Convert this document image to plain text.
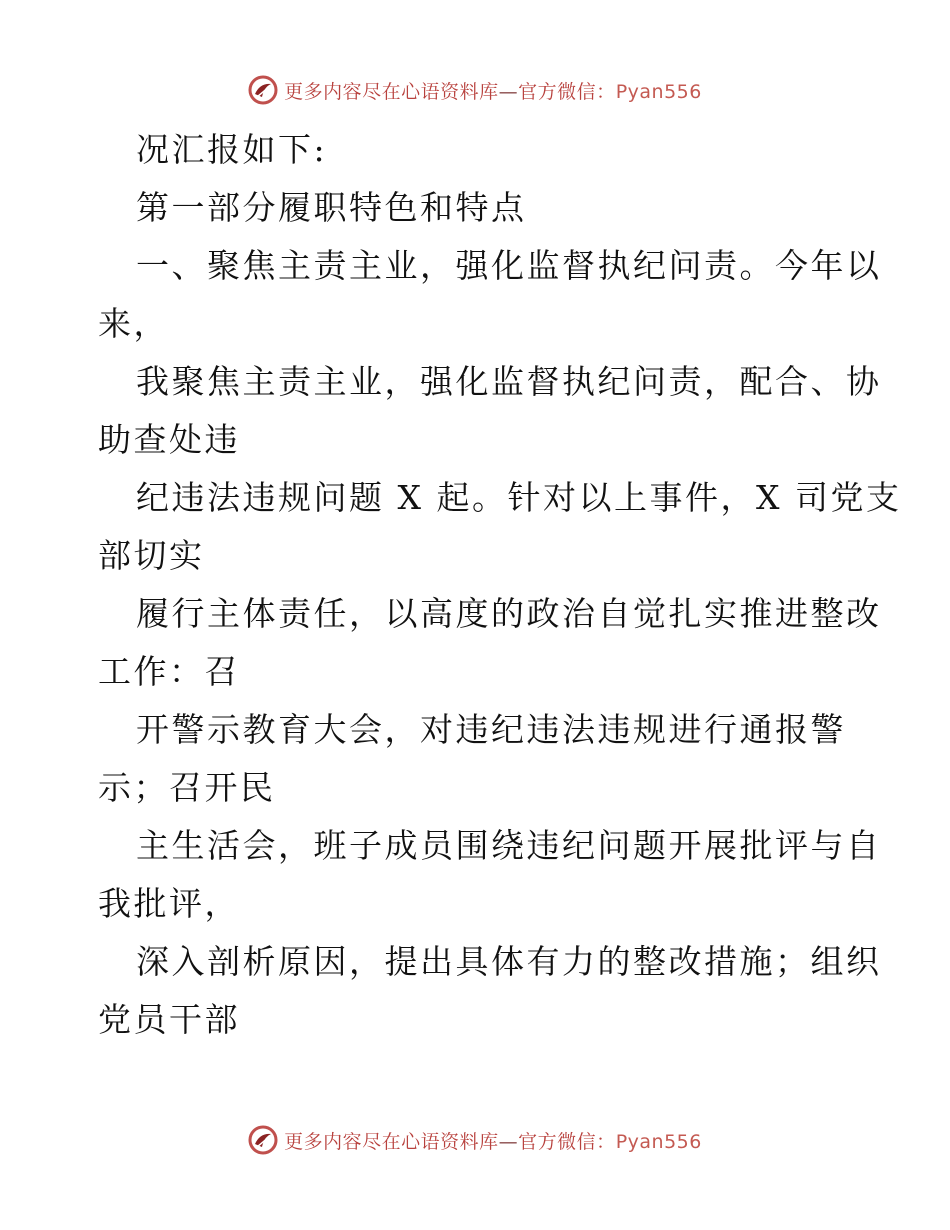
更多内容尽在心语资料库—官方微信：Pyan556
况汇报如下:
第一部分履职特色和特点
一、聚焦主责主业，强化监督执纪问责。今年以
来，
我聚焦主责主业，强化监督执纪问责，配合、协
助查处违
纪违法违规问题 X 起。针对以上事件，X 司党支
部切实
履行主体责任，以高度的政治自觉扎实推进整改
工作：召
开警示教育大会，对违纪违法违规进行通报警
示；召开民
主生活会，班子成员围绕违纪问题开展批评与自
我批评，
深入剖析原因，提出具体有力的整改措施；组织
党员干部
更多内容尽在心语资料库—官方微信：Pyan556
